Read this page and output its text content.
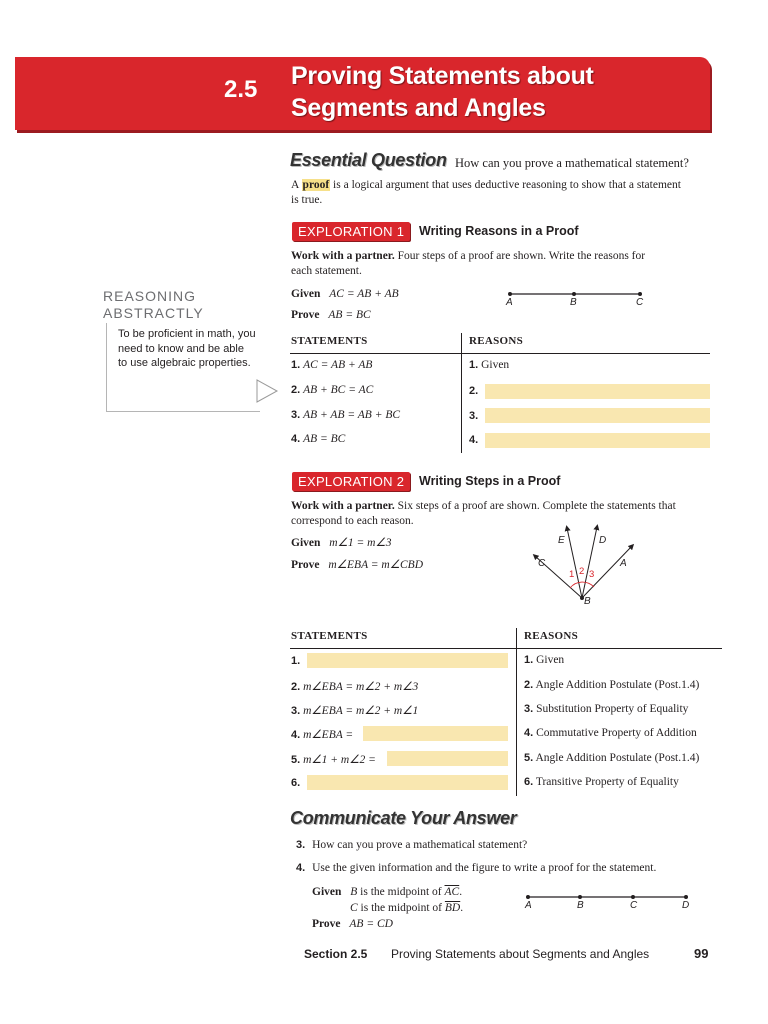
2.5 Proving Statements about
Segments and Angles
Essential Question How can you prove a mathematical statement?
A proof is a logical argument that uses deductive reasoning to show that a statement
is true.
REASONING
ABSTRACTLY
To be proficient in math, you need to know and be able to use algebraic properties.
EXPLORATION 1	Writing Reasons in a Proof
Work with a partner. Four steps of a proof are shown. Write the reasons for
each statement.
Given AC = AB + AB
Prove AB = BC
A	B	C
STATEMENTS	REASONS
1. AC = AB + AB	1. Given
2. AB + BC = AC	2.
3. AB + AB = AB + BC	3.
4. AB = BC	4.
EXPLORATION 2	Writing Steps in a Proof
Work with a partner. Six steps of a proof are shown. Complete the statements that
correspond to each reason.
Given m∠1 = m∠3
Prove m∠EBA = m∠CBD
E	D
C	A
B
1 2 3
STATEMENTS	REASONS
1.	1. Given
2. m∠EBA = m∠2 + m∠3	2. Angle Addition Postulate (Post.1.4)
3. m∠EBA = m∠2 + m∠1	3. Substitution Property of Equality
4. m∠EBA =	4. Commutative Property of Addition
5. m∠1 + m∠2 =	5. Angle Addition Postulate (Post.1.4)
6.	6. Transitive Property of Equality
Communicate Your Answer
3. How can you prove a mathematical statement?
4. Use the given information and the figure to write a proof for the statement.
Given B is the midpoint of $\overline{AC}$.
C is the midpoint of $\overline{BD}$.
Prove AB = CD
A	B	C	D
Section 2.5 Proving Statements about Segments and Angles	99
